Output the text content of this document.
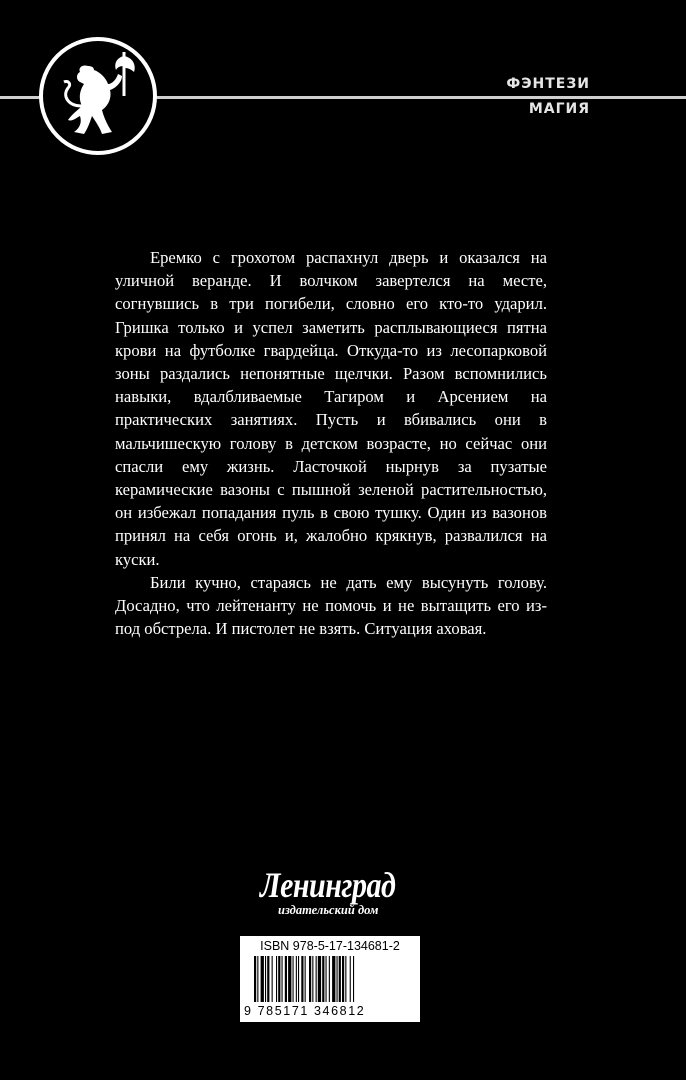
ФЭНТЕЗИ
МАГИЯ

Еремко с грохотом распахнул дверь и оказался на уличной веранде. И волчком завертелся на месте, согнувшись в три погибели, словно его кто-то ударил. Гришка только и успел заметить расплывающиеся пятна крови на футболке гвардейца. Откуда-то из лесопарковой зоны раздались непонятные щелчки. Разом вспомнились навыки, вдалбливаемые Тагиром и Арсением на практических занятиях. Пусть и вбивались они в мальчишескую голову в детском возрасте, но сейчас они спасли ему жизнь. Ласточкой нырнув за пузатые керамические вазоны с пышной зеленой растительностью, он избежал попадания пуль в свою тушку. Один из вазонов принял на себя огонь и, жалобно крякнув, развалился на куски.

Били кучно, стараясь не дать ему высунуть голову. Досадно, что лейтенанту не помочь и не вытащить его из-под обстрела. И пистолет не взять. Ситуация аховая.

Ленинград
издательский дом
ISBN 978-5-17-134681-2
9 785171 346812
